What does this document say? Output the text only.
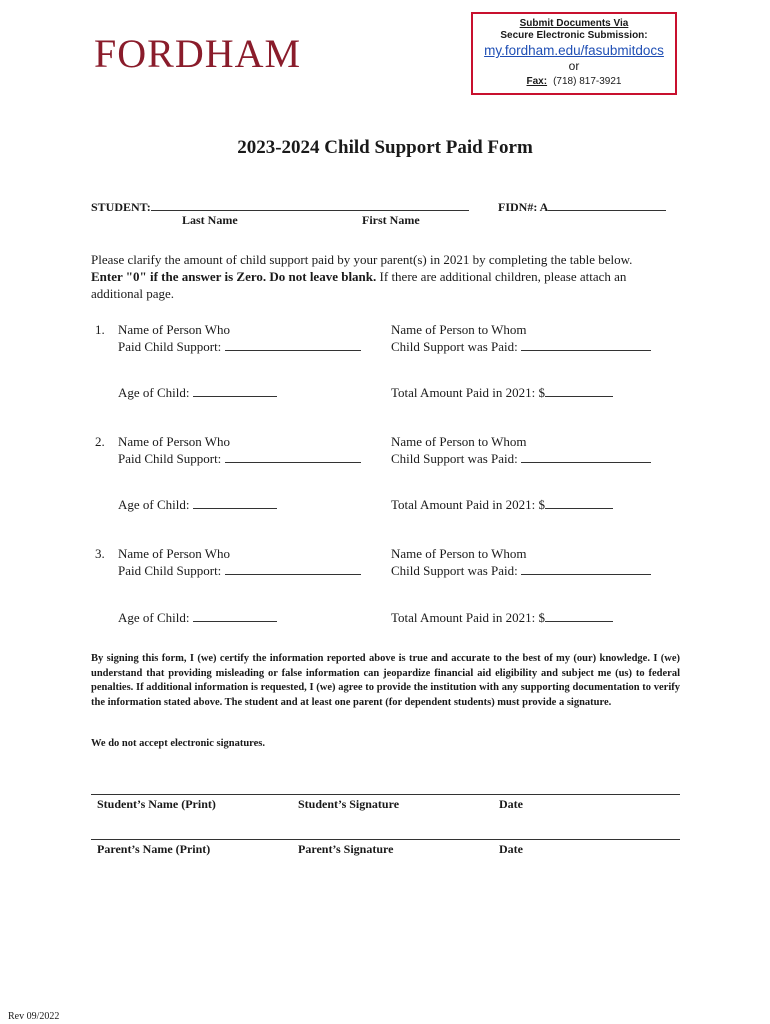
FORDHAM
Submit Documents Via
Secure Electronic Submission:
my.fordham.edu/fasubmitdocs
or
Fax: (718) 817-3921
2023-2024 Child Support Paid Form
STUDENT:	FIDN#: A
Last Name	First Name
Please clarify the amount of child support paid by your parent(s) in 2021 by completing the table below. Enter "0" if the answer is Zero. Do not leave blank. If there are additional children, please attach an additional page.
1. Name of Person Who
Paid Child Support:
Name of Person to Whom
Child Support was Paid:
Age of Child:	Total Amount Paid in 2021: $
2. Name of Person Who
Paid Child Support:
Name of Person to Whom
Child Support was Paid:
Age of Child:	Total Amount Paid in 2021: $
3. Name of Person Who
Paid Child Support:
Name of Person to Whom
Child Support was Paid:
Age of Child:	Total Amount Paid in 2021: $
By signing this form, I (we) certify the information reported above is true and accurate to the best of my (our) knowledge. I (we) understand that providing misleading or false information can jeopardize financial aid eligibility and subject me (us) to federal penalties. If additional information is requested, I (we) agree to provide the institution with any supporting documentation to verify the information stated above. The student and at least one parent (for dependent students) must provide a signature.
We do not accept electronic signatures.
Student’s Name (Print)	Student’s Signature	Date
Parent’s Name (Print)	Parent’s Signature	Date
Rev 09/2022
